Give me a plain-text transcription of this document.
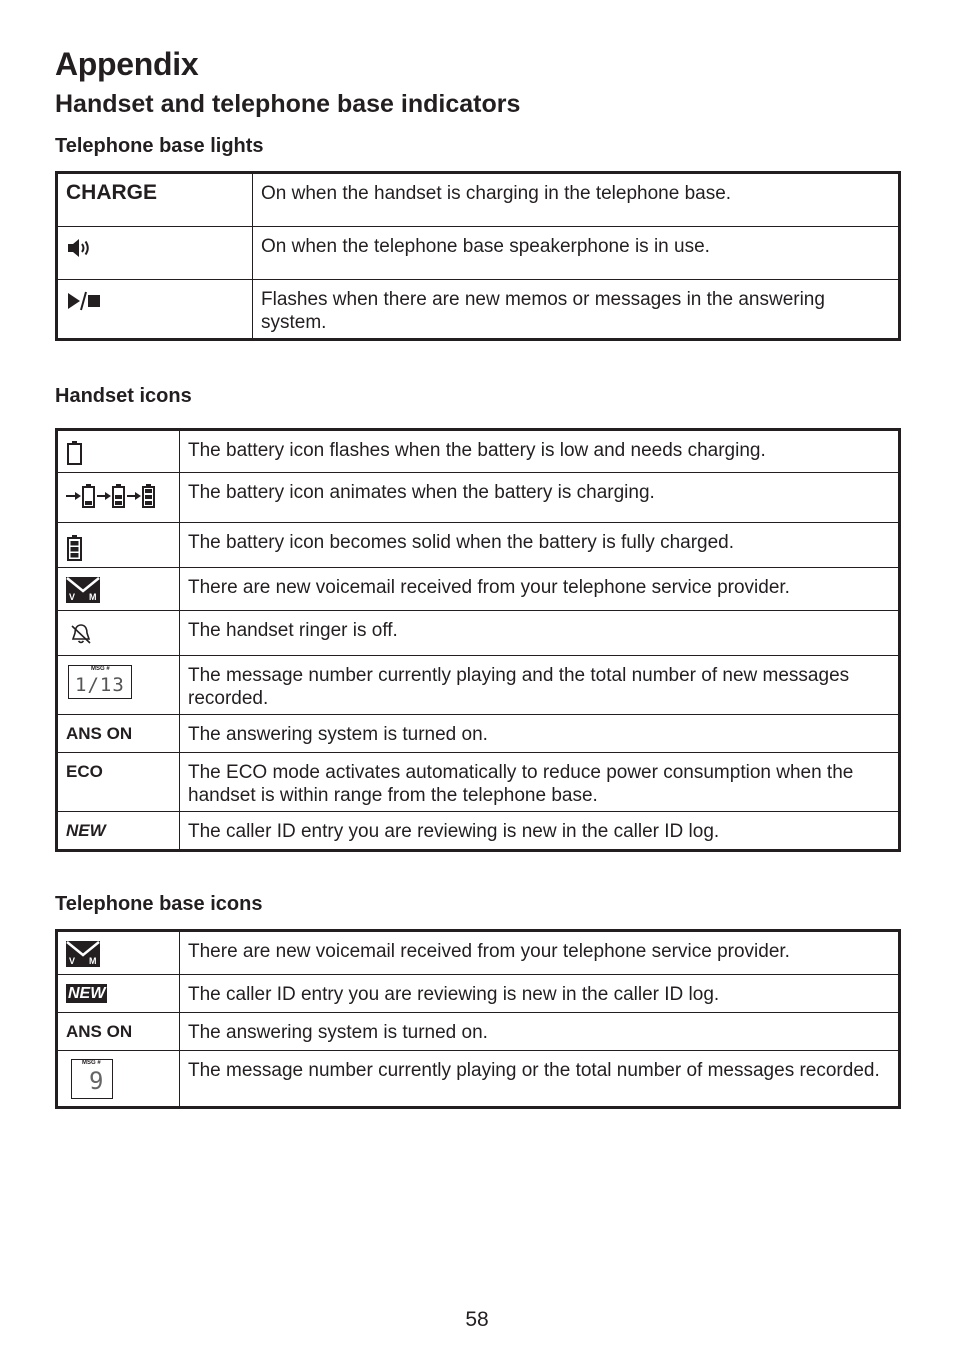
Appendix
Handset and telephone base indicators
Telephone base lights
CHARGE	On when the handset is charging in the telephone base.

	On when the telephone base speakerphone is in use.

	Flashes when there are new memos or messages in the answering system.
Handset icons
	The battery icon flashes when the battery is low and needs charging.

	The battery icon animates when the battery is charging.

	The battery icon becomes solid when the battery is fully charged.

V M	There are new voicemail received from your telephone service provider.

	The handset ringer is off.

MSG #
1/13	The message number currently playing and the total number of new messages recorded.
ANS ON	The answering system is turned on.
ECO	The ECO mode activates automatically to reduce power consumption when the handset is within range from the telephone base.
NEW	The caller ID entry you are reviewing is new in the caller ID log.
Telephone base icons
V M	There are new voicemail received from your telephone service provider.
NEW	The caller ID entry you are reviewing is new in the caller ID log.
ANS ON	The answering system is turned on.

MSG #
9	The message number currently playing or the total number of messages recorded.
58
